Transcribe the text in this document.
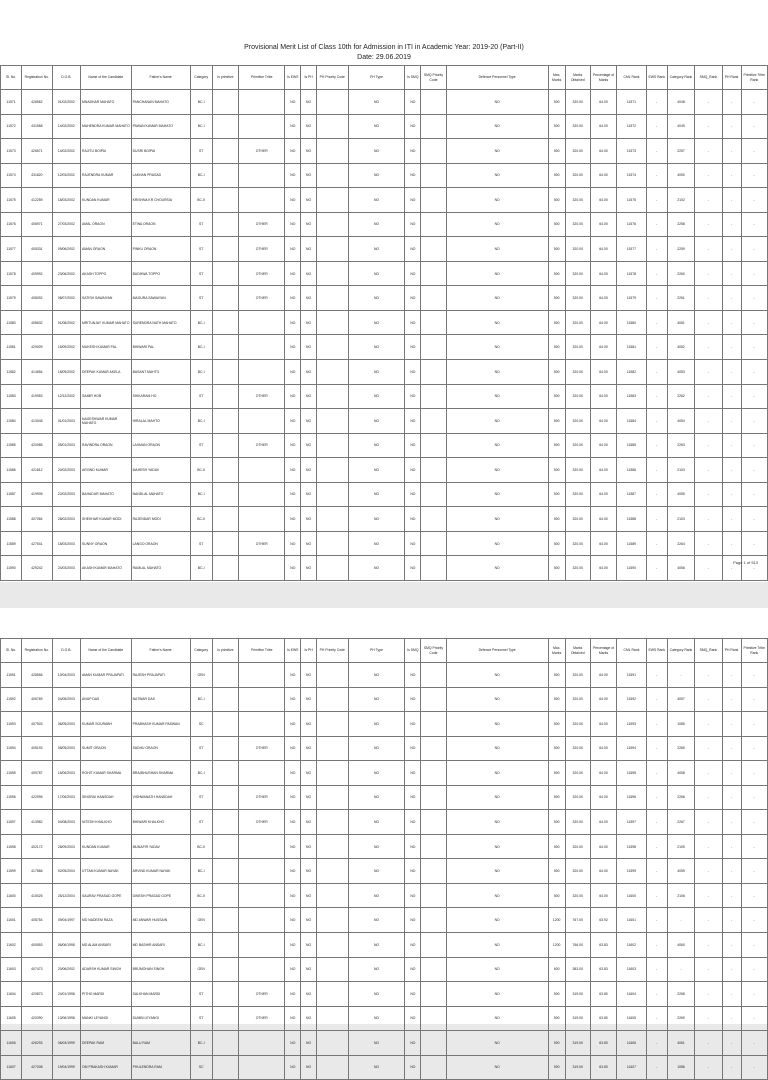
Provisional Merit List of Class 10th for Admission in ITI in Academic Year: 2019-20 (Part-II)
Date: 29.06.2019
Sl. No.	Registration No.	D.O.B.	Name of the Candidate	Father's Name	Category	Is primitive	Primitive Tribe	Is EWS	Is PH	PH Priority Code	PH Type	Is SMQ	SMQ Priority Code	Defence Personnel Type	Max. Marks	Marks Obtained	Percentage of Marks	CML Rank	EWS Rank	Category Rank	SMQ_Rank	PH Rank	Primitive Tribe Rank
11571	426562	01/02/2002	MNADHAR MAHATO	PANCHANAN MAHATO	BC-I			NO	NO		NO	NO		NO	500	320.00	64.00	11571	-	4048	-	-	-
11572	431568	14/02/2002	MAHENDRA KUMAR MAHATO	PAWAN KUMAR MAHATO	BC-I			NO	NO		NO	NO		NO	500	320.00	64.00	11572	-	4049	-	-	-
11573	426571	14/02/2002	RAJITU BOIPAI	DUSRI BOIPAI	ST		OTHER	NO	NO		NO	NO		NO	500	320.00	64.00	11573	-	2257	-	-	-
11574	431820	12/03/2002	RAJENDRA KUMAR	LAKHAN PRASAD	BC-I			NO	NO		NO	NO		NO	500	320.00	64.00	11574	-	4050	-	-	-
11575	412259	18/03/2002	KUNDAN KUMAR	KRISHNA KR CHOURSIA	BC-II			NO	NO		NO	NO		NO	500	320.00	64.00	11575	-	2102	-	-	-
11576	406971	27/03/2002	AMAL ORAON	ETWA ORAON	ST		OTHER	NO	NO		NO	NO		NO	500	320.00	64.00	11576	-	2258	-	-	-
11577	405331	09/06/2002	AMAN ORAON	PINKU ORAON	ST		OTHER	NO	NO		NO	NO		NO	500	320.00	64.00	11577	-	2259	-	-	-
11578	409992	23/06/2002	AKASH TOPPO	BUDHWA TOPPO	ST		OTHER	NO	NO		NO	NO		NO	500	320.00	64.00	11578	-	2260	-	-	-
11579	408092	08/07/2002	SATISH SAWAIYAN	MAGURA SAWAIYAN	ST		OTHER	NO	NO		NO	NO		NO	500	320.00	64.00	11579	-	2261	-	-	-
11580	408632	01/08/2002	MRITUNJAY KUMAR MAHATO	SURENDRA NATH MAHATO	BC-I			NO	NO		NO	NO		NO	500	320.00	64.00	11580	-	4051	-	-	-
11581	429009	15/09/2002	MUKESH KUMAR PAL	BHIWARI PAL	BC-I			NO	NO		NO	NO		NO	500	320.00	64.00	11581	-	4052	-	-	-
11582	414654	18/09/2002	DEEPAK KUMAR AKELA	BASANT MAHTO	BC-I			NO	NO		NO	NO		NO	500	320.00	64.00	11582	-	4053	-	-	-
11583	419953	12/12/2002	SAMIR HOB	SHIKARAM HO	ST		OTHER	NO	NO		NO	NO		NO	500	320.00	64.00	11583	-	2262	-	-	-
11584	413048	01/01/2003	NAGESHWAR KUMAR MAHATO	HIRALAL MAHTO	BC-I			NO	NO		NO	NO		NO	500	320.00	64.00	11584	-	4054	-	-	-
11585	420085	05/01/2003	RAVINDRA ORAON	LAXMAN ORAON	ST		OTHER	NO	NO		NO	NO		NO	500	320.00	64.00	11585	-	2263	-	-	-
11586	421812	20/02/2003	ARVIND KUMAR	MAHESH YADAV	BC-II			NO	NO		NO	NO		NO	500	320.00	64.00	11586	-	2103	-	-	-
11587	419905	22/02/2003	BAHADUR MAHATO	NANDLAL MAHATO	BC-I			NO	NO		NO	NO		NO	500	320.00	64.00	11587	-	4055	-	-	-
11588	407064	28/02/2003	SHEKHAR KUMAR MODI	RAJENDAR MODI	BC-II			NO	NO		NO	NO		NO	500	320.00	64.00	11588	-	2103	-	-	-
11589	427541	18/03/2003	SUNNY ORAON	LANGO ORAON	ST		OTHER	NO	NO		NO	NO		NO	500	320.00	64.00	11589	-	2264	-	-	-
11590	429242	24/03/2003	AKASH KUMAR MAHATO	RAMLAL MAHATO	BC-I			NO	NO		NO	NO		NO	500	320.00	64.00	11590	-	4056	-	-	-
Page 1 of 513
Sl. No.	Registration No.	D.O.B.	Name of the Candidate	Father's Name	Category	Is primitive	Primitive Tribe	Is EWS	Is PH	PH Priority Code	PH Type	Is SMQ	SMQ Priority Code	Defence Personnel Type	Max. Marks	Marks Obtained	Percentage of Marks	CML Rank	EWS Rank	Category Rank	SMQ_Rank	PH Rank	Primitive Tribe Rank
11591	428556	10/04/2003	AMAN KUMAR PRAJAPATI	RAJESH PRAJAPATI	GEN			NO	NO		NO	NO		NO	500	320.00	64.00	11591	-	-	-	-	-
11592	406769	04/05/2003	ANUP DAS	NATWAR DAS	BC-I			NO	NO		NO	NO		NO	500	320.00	64.00	11592	-	4057	-	-	-
11593	407503	06/05/2003	KUMAR SOURABH	PRABHASH KUMAR PASWAN	SC			NO	NO		NO	NO		NO	500	320.00	64.00	11593	-	1085	-	-	-
11594	405193	08/05/2003	SUMIT ORAON	SADHU ORAON	ST		OTHER	NO	NO		NO	NO		NO	500	320.00	64.00	11594	-	2265	-	-	-
11595	409787	15/06/2003	ROHIT KUMAR SHARMA	BRAJBHUSHAN SHARMA	BC-I			NO	NO		NO	NO		NO	500	320.00	64.00	11595	-	4058	-	-	-
11596	422995	17/06/2003	SINGRAI HANSDAH	VISHWANATH HANSDAH	ST		OTHER	NO	NO		NO	NO		NO	500	320.00	64.00	11596	-	2266	-	-	-
11597	413982	04/08/2003	NITESH KHALKHO	BHIWARI KHALKHO	ST		OTHER	NO	NO		NO	NO		NO	500	320.00	64.00	11597	-	2267	-	-	-
11598	402172	28/09/2003	KUNDAN KUMAR	MUNAFIR YADAV	BC-II			NO	NO		NO	NO		NO	500	320.00	64.00	11598	-	2105	-	-	-
11599	417866	02/05/2004	UTTAM KUMAR NAYAK	ARVIND KUMAR NAYAK	BC-I			NO	NO		NO	NO		NO	500	320.00	64.00	11599	-	4059	-	-	-
11600	415025	25/12/2004	SAURAV PRASAD GOPE	DINESH PRASAD GOPE	BC-II			NO	NO		NO	NO		NO	500	320.00	64.00	11600	-	2106	-	-	-
11601	408754	09/04/1997	MD NADEEM RAZA	MD ANWAR HUSSAIN	GEN			NO	NO		NO	NO		NO	1200	767.00	63.92	11601	-	-	-	-	-
11602	400553	06/06/1998	MD ALAM ANSARI	MD BASHIR ANSARI	BC-I			NO	NO		NO	NO		NO	1200	766.00	63.83	11602	-	4060	-	-	-
11603	407473	20/06/2002	ADARSH KUMAR SINGH	BRIJMOHAN SINGH	GEN			NO	NO		NO	NO		NO	600	383.00	63.83	11603	-	-	-	-	-
11604	420873	24/01/1998	PITHO MARDI	SALKHAN MARDI	ST		OTHER	NO	NO		NO	NO		NO	500	319.00	63.80	11604	-	2268	-	-	-
11605	420390	13/06/1998	MANKI LEYANGI	DUMBI LEYANGI	ST		OTHER	NO	NO		NO	NO		NO	500	319.00	63.80	11605	-	2269	-	-	-
11606	426293	06/03/1999	DEEPAK RAM	BALU RAM	BC-I			NO	NO		NO	NO		NO	500	319.00	63.80	11606	-	4061	-	-	-
11607	427008	19/04/1999	OM PRAKASH KUMAR	PHULENDRA RAM	SC			NO	NO		NO	NO		NO	500	319.00	63.80	11607	-	1086	-	-	-
